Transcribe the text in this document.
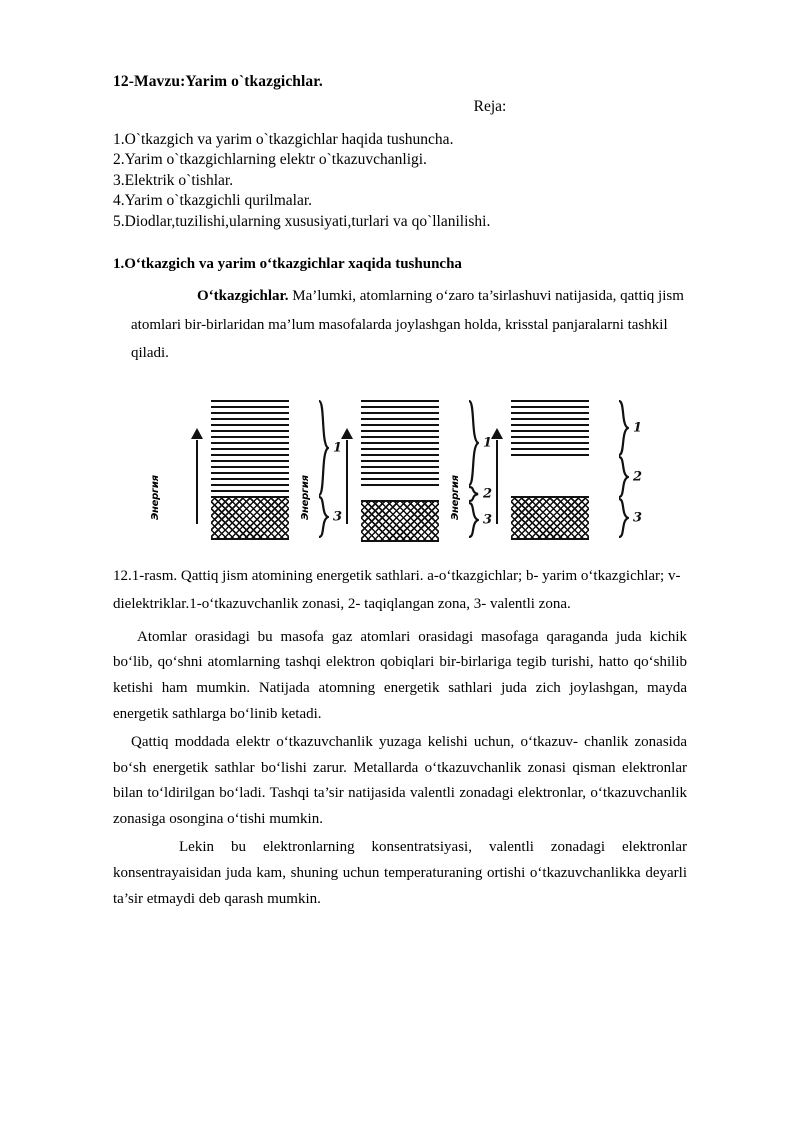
12-Mavzu:Yarim o`tkazgichlar.
Reja:
1.O`tkazgich va yarim o`tkazgichlar haqida tushuncha.
2.Yarim o`tkazgichlarning elektr o`tkazuvchanligi.
3.Elektrik o`tishlar.
4.Yarim o`tkazgichli qurilmalar.
5.Diodlar,tuzilishi,ularning xususiyati,turlari va qo`llanilishi.
1.O‘tkazgich va yarim o‘tkazgichlar xaqida tushuncha

O‘tkazgichlar. Ma’lumki, atomlarning o‘zaro ta’sirlashuvi natijasida, qattiq jism atomlari bir-birlaridan ma’lum masofalarda joylashgan holda, krisstal panjaralarni tashkil qiladi.

Энергия
1
3
Энергия
1
2
3
Энергия
1
2
3
12.1-rasm. Qattiq jism atomining energetik sathlari. a-o‘tkazgichlar; b- yarim o‘tkazgichlar; v-dielektriklar.1-o‘tkazuvchanlik zonasi, 2- taqiqlangan zona, 3- valentli zona.

Atomlar orasidagi bu masofa gaz atomlari orasidagi masofaga qaraganda juda kichik bo‘lib, qo‘shni atomlarning tashqi elektron qobiqlari bir-birlariga tegib turishi, hatto qo‘shilib ketishi ham mumkin. Natijada atomning energetik sathlari juda zich joylashgan, mayda energetik sathlarga bo‘linib ketadi.

Qattiq moddada elektr o‘tkazuvchanlik yuzaga kelishi uchun, o‘tkazuv- chanlik zonasida bo‘sh energetik sathlar bo‘lishi zarur. Metallarda o‘tkazuvchanlik zonasi qisman elektronlar bilan to‘ldirilgan bo‘ladi. Tashqi ta’sir natijasida valentli zonadagi elektronlar, o‘tkazuvchanlik zonasiga osongina o‘tishi mumkin.

Lekin bu elektronlarning konsentratsiyasi, valentli zonadagi elektronlar konsentrayaisidan juda kam, shuning uchun temperaturaning ortishi o‘tkazuvchanlikka deyarli ta’sir etmaydi deb qarash mumkin.
